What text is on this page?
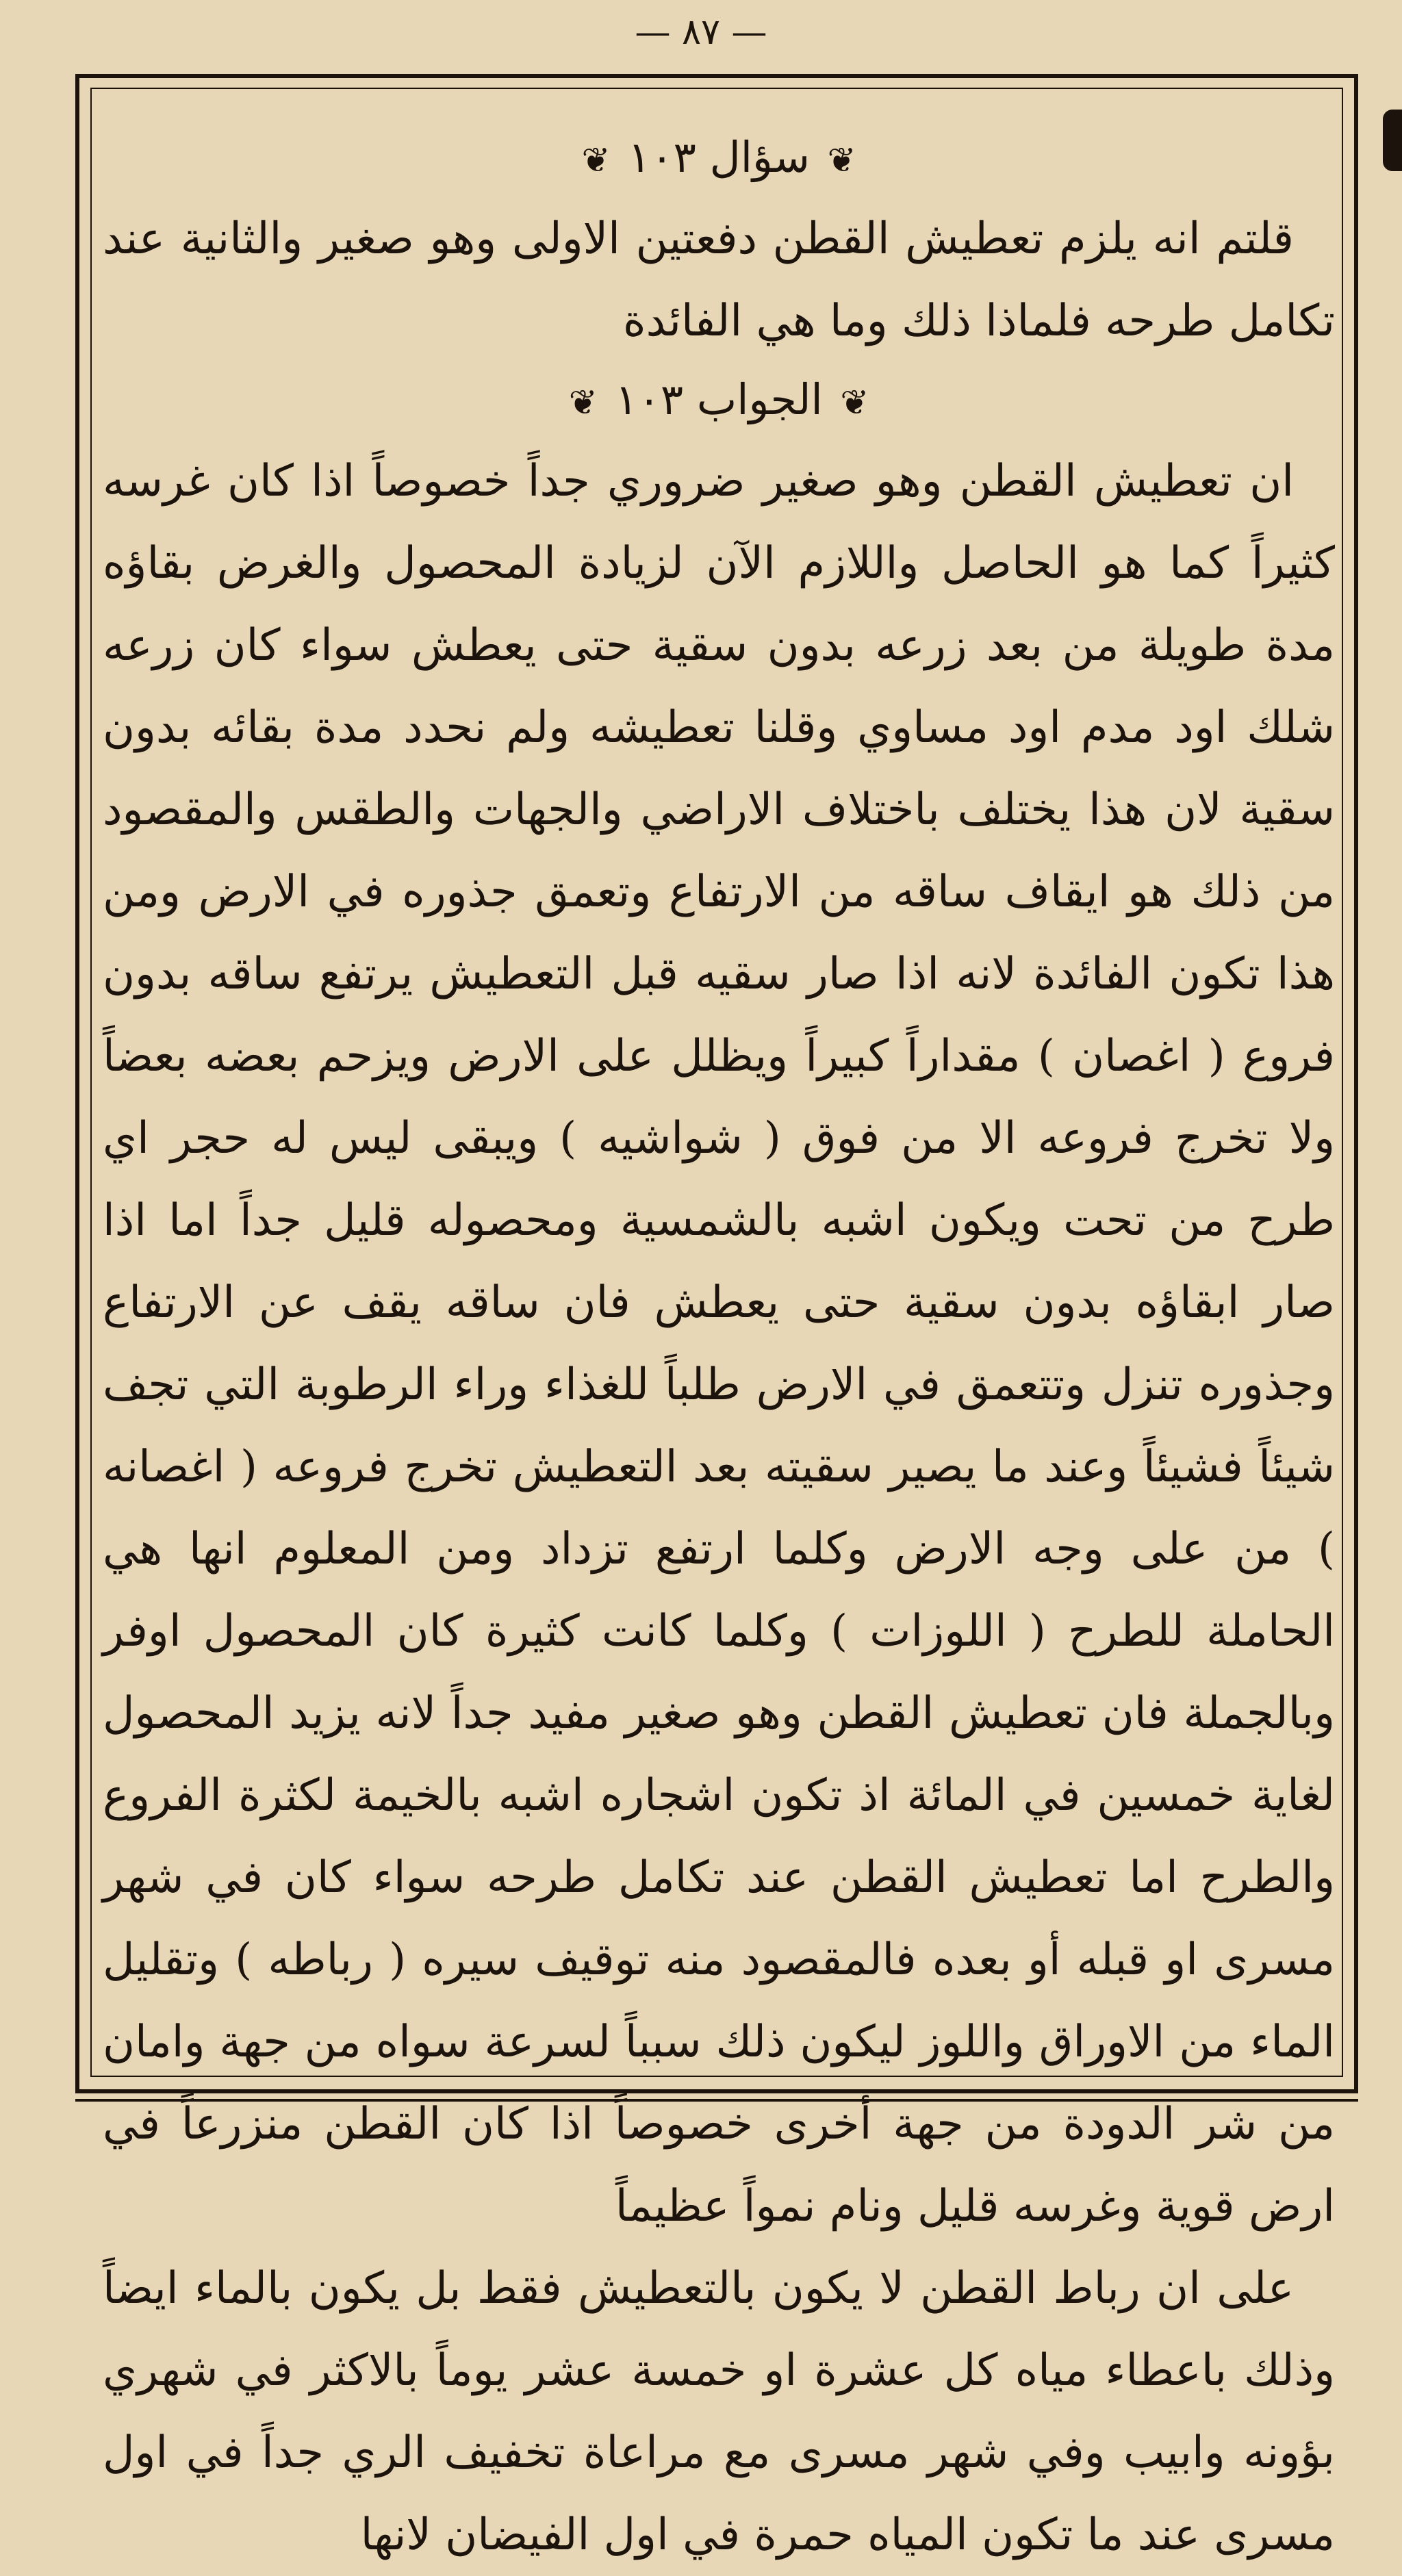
— ٨٧ —

❦ سؤال ١٠٣ ❦

قلتم انه يلزم تعطيش القطن دفعتين الاولى وهو صغير والثانية عند تكامل طرحه فلماذا ذلك وما هي الفائدة

❦ الجواب ١٠٣ ❦

ان تعطيش القطن وهو صغير ضروري جداً خصوصاً اذا كان غرسه كثيراً كما هو الحاصل واللازم الآن لزيادة المحصول والغرض بقاؤه مدة طويلة من بعد زرعه بدون سقية حتى يعطش سواء كان زرعه شلك اود مدم اود مساوي وقلنا تعطيشه ولم نحدد مدة بقائه بدون سقية لان هذا يختلف باختلاف الاراضي والجهات والطقس والمقصود من ذلك هو ايقاف ساقه من الارتفاع وتعمق جذوره في الارض ومن هذا تكون الفائدة لانه اذا صار سقيه قبل التعطيش يرتفع ساقه بدون فروع ( اغصان ) مقداراً كبيراً ويظلل على الارض ويزحم بعضه بعضاً ولا تخرج فروعه الا من فوق ( شواشيه ) ويبقى ليس له حجر اي طرح من تحت ويكون اشبه بالشمسية ومحصوله قليل جداً اما اذا صار ابقاؤه بدون سقية حتى يعطش فان ساقه يقف عن الارتفاع وجذوره تنزل وتتعمق في الارض طلباً للغذاء وراء الرطوبة التي تجف شيئاً فشيئاً وعند ما يصير سقيته بعد التعطيش تخرج فروعه ( اغصانه ) من على وجه الارض وكلما ارتفع تزداد ومن المعلوم انها هي الحاملة للطرح ( اللوزات ) وكلما كانت كثيرة كان المحصول اوفر وبالجملة فان تعطيش القطن وهو صغير مفيد جداً لانه يزيد المحصول لغاية خمسين في المائة اذ تكون اشجاره اشبه بالخيمة لكثرة الفروع والطرح اما تعطيش القطن عند تكامل طرحه سواء كان في شهر مسرى او قبله أو بعده فالمقصود منه توقيف سيره ( رباطه ) وتقليل الماء من الاوراق واللوز ليكون ذلك سبباً لسرعة سواه من جهة وامان من شر الدودة من جهة أخرى خصوصاً اذا كان القطن منزرعاً في ارض قوية وغرسه قليل ونام نمواً عظيماً

على ان رباط القطن لا يكون بالتعطيش فقط بل يكون بالماء ايضاً وذلك باعطاء مياه كل عشرة او خمسة عشر يوماً بالاكثر في شهري بؤونه وابيب وفي شهر مسرى مع مراعاة تخفيف الري جداً في اول مسرى عند ما تكون المياه حمرة في اول الفيضان لانها
